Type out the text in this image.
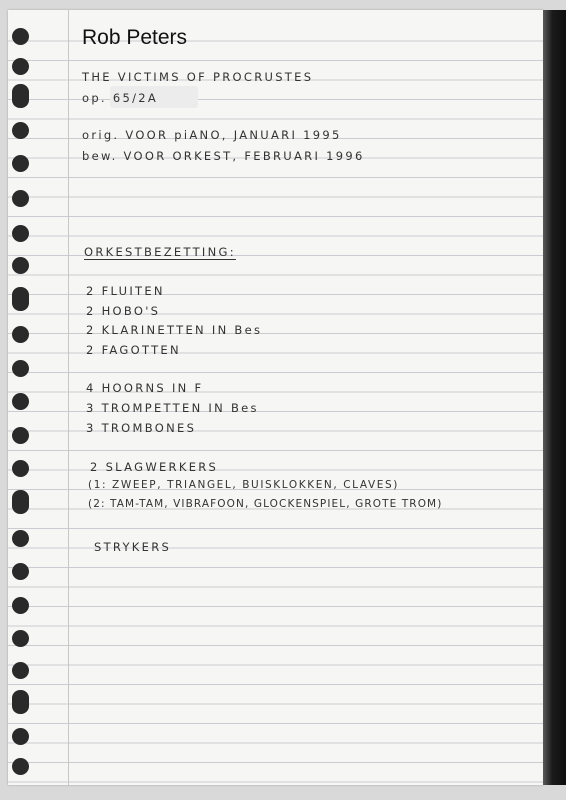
Rob Peters
THE VICTIMS OF PROCRUSTES
op. 65/2A
orig. VOOR piANO, JANUARI 1995
bew. VOOR ORKEST, FEBRUARI 1996
ORKESTBEZETTING:
2 FLUITEN
2 HOBO'S
2 KLARINETTEN IN Bes
2 FAGOTTEN
4 HOORNS IN F
3 TROMPETTEN IN Bes
3 TROMBONES
2 SLAGWERKERS
(1: ZWEEP, TRIANGEL, BUISKLOKKEN, CLAVES)
(2: TAM-TAM, VIBRAFOON, GLOCKENSPIEL, GROTE TROM)
STRYKERS
